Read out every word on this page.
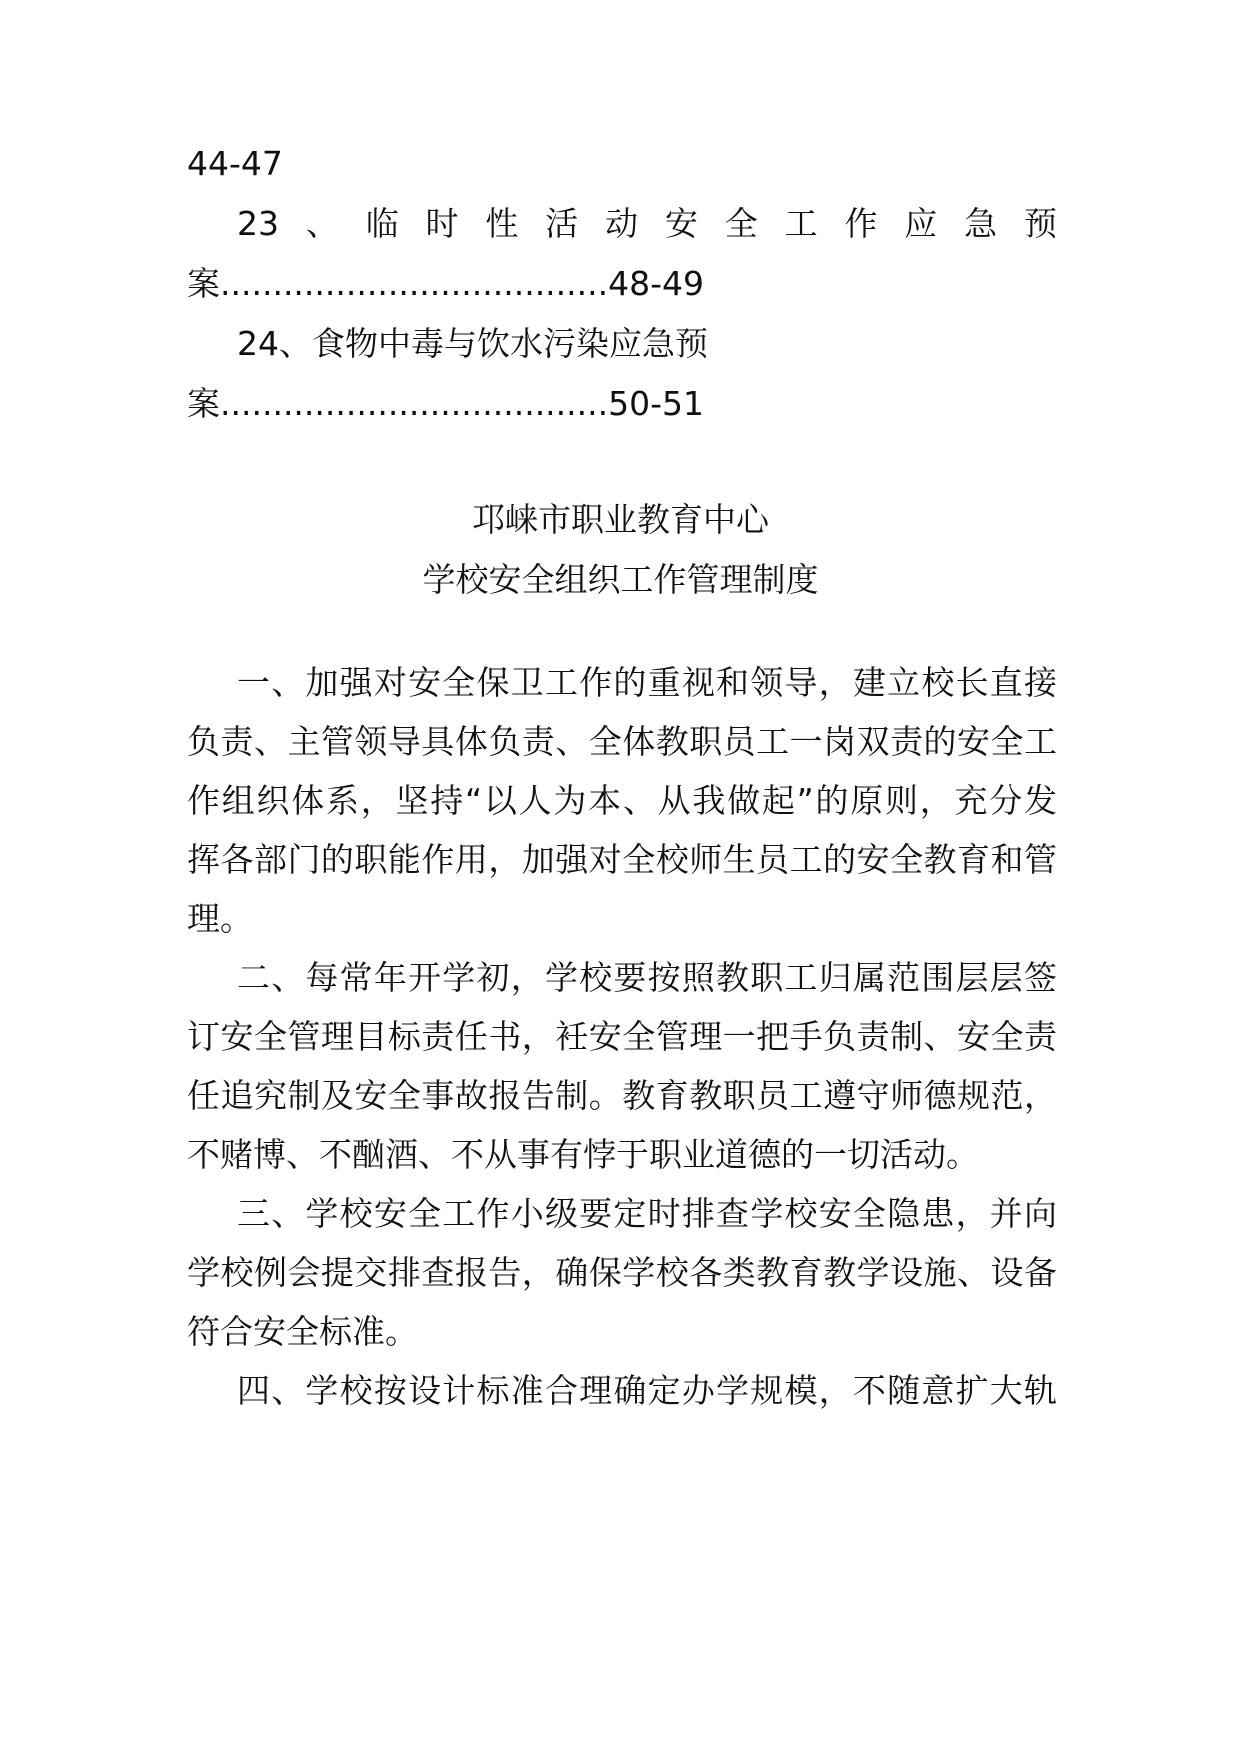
44-47
23 、 临 时 性 活 动 安 全 工 作 应 急 预
案.....................................48-49
24、食物中毒与饮水污染应急预
案.....................................50-51
邛崃市职业教育中心
学校安全组织工作管理制度
一、加强对安全保卫工作的重视和领导，建立校长直接
负责、主管领导具体负责、全体教职员工一岗双责的安全工
作组织体系，坚持“以人为本、从我做起”的原则，充分发
挥各部门的职能作用，加强对全校师生员工的安全教育和管
理。
二、每常年开学初，学校要按照教职工归属范围层层签
订安全管理目标责任书，衽安全管理一把手负责制、安全责
任追究制及安全事故报告制。教育教职员工遵守师德规范，
不赌博、不酗酒、不从事有悖于职业道德的一切活动。
三、学校安全工作小级要定时排查学校安全隐患，并向
学校例会提交排查报告，确保学校各类教育教学设施、设备
符合安全标准。
四、学校按设计标准合理确定办学规模，不随意扩大轨
